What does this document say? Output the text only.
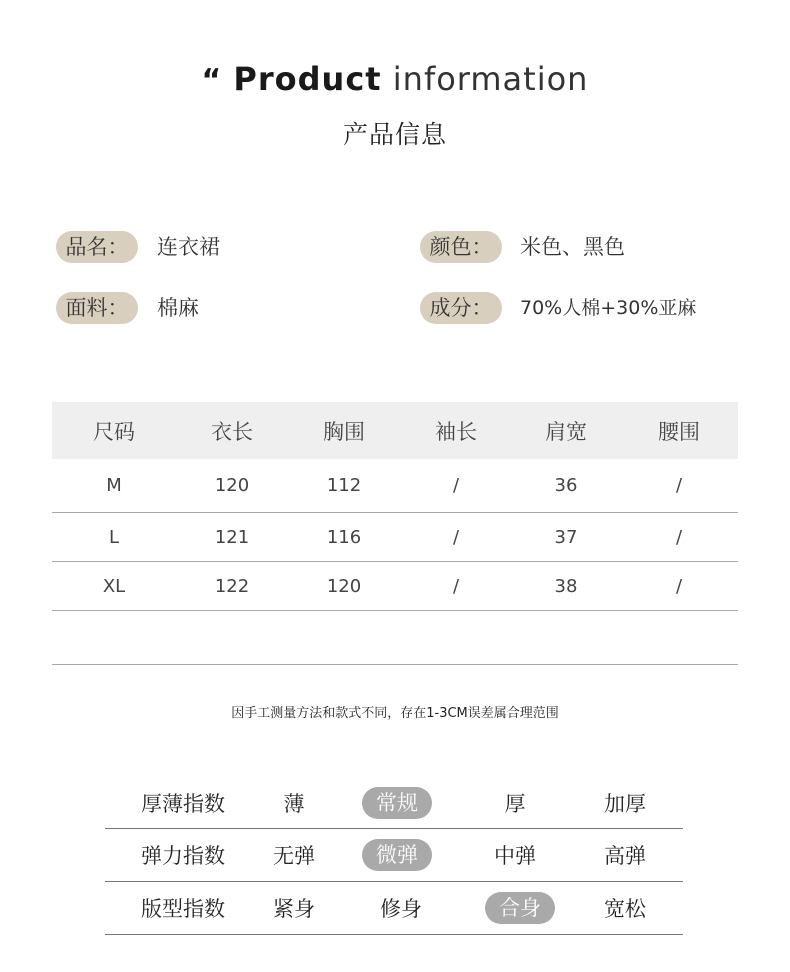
“ Product information
产品信息
品名：	连衣裙	颜色：	米色、黑色
面料：	棉麻	成分：	70%人棉+30%亚麻
尺码	衣长	胸围	袖长	肩宽	腰围
M	120	112	/	36	/
L	121	116	/	37	/
XL	122	120	/	38	/
因手工测量方法和款式不同，存在1-3CM误差属合理范围
厚薄指数	薄	常规	厚	加厚
弹力指数 无弹	微弹	中弹	高弹
版型指数 紧身	修身	合身	宽松
